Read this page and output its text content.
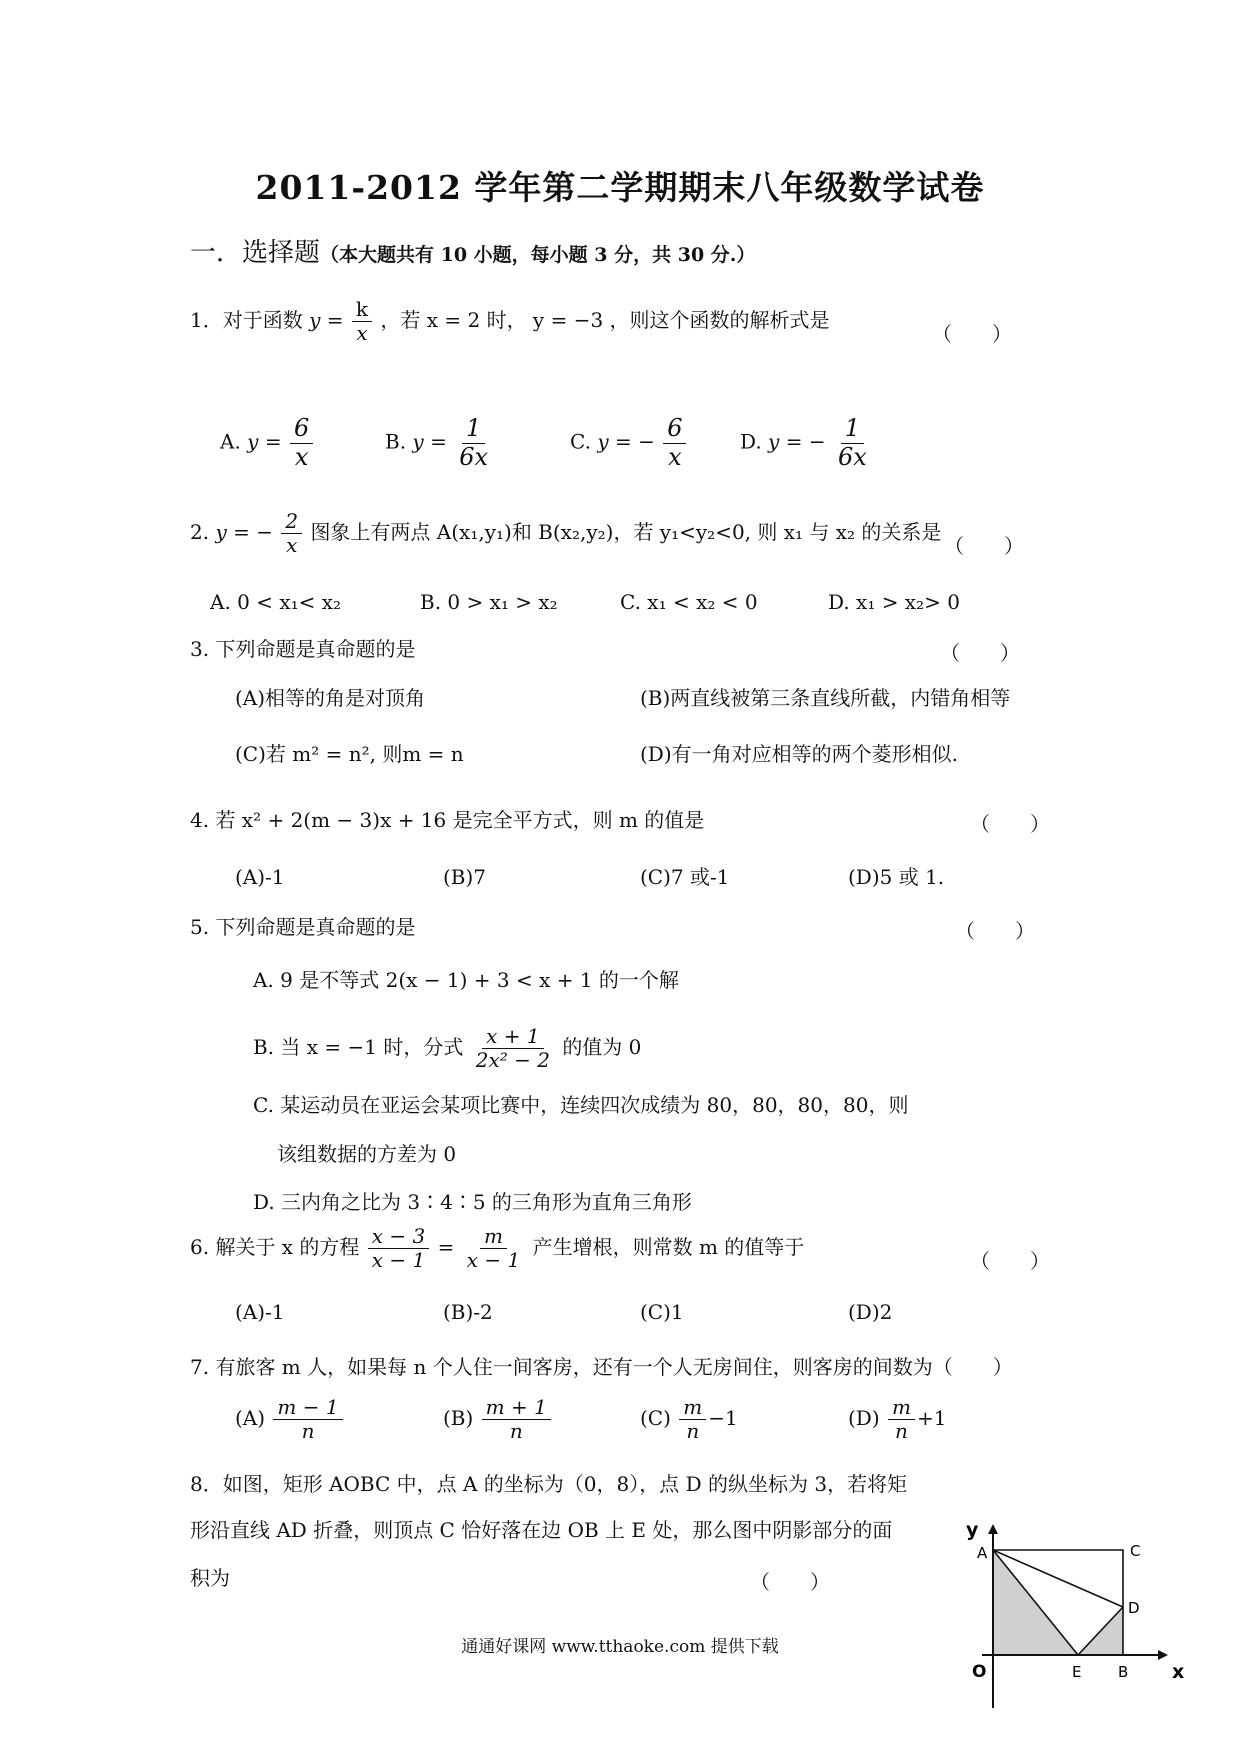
2011-2012 学年第二学期期末八年级数学试卷
一．选择题（本大题共有 10 小题，每小题 3 分，共 30 分.）
1．对于函数 $y = \frac{k}{x}$ ，若 x = 2 时， y = −3 ，则这个函数的解析式是
（　　）
A. $y = \frac{6}{x}$	B. $y = \frac{1}{6x}$	C. y = − $\frac{6}{x}$	D. y = − $\frac{1}{6x}$
2. y = − $\frac{2}{x}$ 图象上有两点 A(x₁,y₁)和 B(x₂,y₂)，若 y₁<y₂<0, 则 x₁ 与 x₂ 的关系是
（　　）
A. 0 < x₁< x₂	B. 0 > x₁ > x₂	C. x₁ < x₂ < 0	D. x₁ > x₂> 0
3. 下列命题是真命题的是	（　　）
(A)相等的角是对顶角	(B)两直线被第三条直线所截，内错角相等
(C)若 m² = n², 则m = n	(D)有一角对应相等的两个菱形相似.
4. 若 x² + 2(m − 3)x + 16 是完全平方式，则 m 的值是	（　　）
(A)-1	(B)7	(C)7 或-1	(D)5 或 1.
5. 下列命题是真命题的是	（　　）
A. 9 是不等式 2(x − 1) + 3 < x + 1 的一个解
B. 当 x = −1 时，分式 $\frac{x + 1}{\text{2x² − 2}}$ 的值为 0
C. 某运动员在亚运会某项比赛中，连续四次成绩为 80，80，80，80，则
该组数据的方差为 0
D. 三内角之比为 3∶4∶5 的三角形为直角三角形
6. 解关于 x 的方程 $\frac{x - 3}{x - 1} = \frac{m}{x - 1}$ 产生增根，则常数 m 的值等于
（　　）
(A)-1	(B)-2	(C)1	(D)2
7. 有旅客 m 人，如果每 n 个人住一间客房，还有一个人无房间住，则客房的间数为（　　）
$(A) \frac{m - 1}{n}$	$(B) \frac{m + 1}{n}$	$(C) \frac{m}{n} -1$	$(D) \frac{m}{n} +1$
8．如图，矩形 AOBC 中，点 A 的坐标为（0，8），点 D 的纵坐标为 3，若将矩
形沿直线 AD 折叠，则顶点 C 恰好落在边 OB 上 E 处，那么图中阴影部分的面
积为	（　　）
y
A	C
D
O	E B x
通通好课网 www.tthaoke.com 提供下载
